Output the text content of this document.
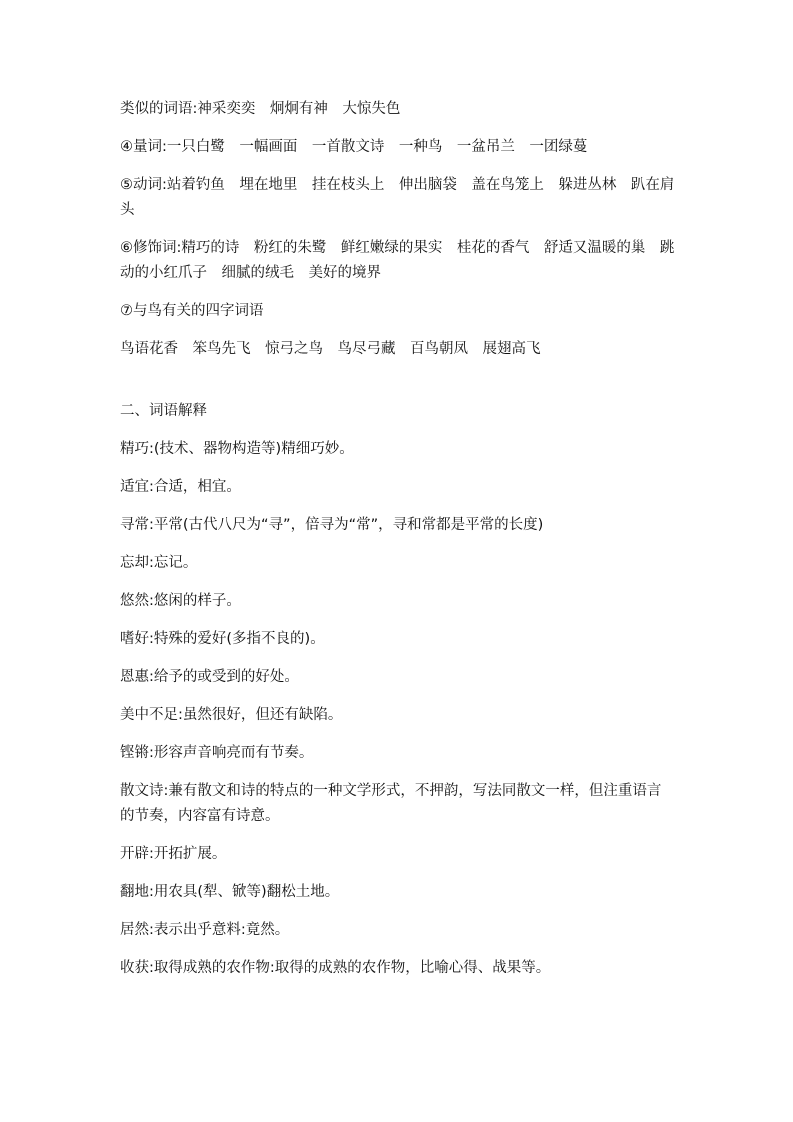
类似的词语:神采奕奕　炯炯有神　大惊失色

④量词:一只白鹭　一幅画面　一首散文诗　一种鸟　一盆吊兰　一团绿蔓

⑤动词:站着钓鱼　埋在地里　挂在枝头上　伸出脑袋　盖在鸟笼上　躲进丛林　趴在肩头

⑥修饰词:精巧的诗　粉红的朱鹭　鲜红嫩绿的果实　桂花的香气　舒适又温暖的巢　跳动的小红爪子　细腻的绒毛　美好的境界

⑦与鸟有关的四字词语

鸟语花香　笨鸟先飞　惊弓之鸟　鸟尽弓藏　百鸟朝凤　展翅高飞

二、词语解释

精巧:(技术、器物构造等)精细巧妙。

适宜:合适，相宜。

寻常:平常(古代八尺为“寻”，倍寻为“常”，寻和常都是平常的长度)

忘却:忘记。

悠然:悠闲的样子。

嗜好:特殊的爱好(多指不良的)。

恩惠:给予的或受到的好处。

美中不足:虽然很好，但还有缺陷。

铿锵:形容声音响亮而有节奏。

散文诗:兼有散文和诗的特点的一种文学形式，不押韵，写法同散文一样，但注重语言的节奏，内容富有诗意。

开辟:开拓扩展。

翻地:用农具(犁、锨等)翻松土地。

居然:表示出乎意料:竟然。

收获:取得成熟的农作物:取得的成熟的农作物，比喻心得、战果等。
